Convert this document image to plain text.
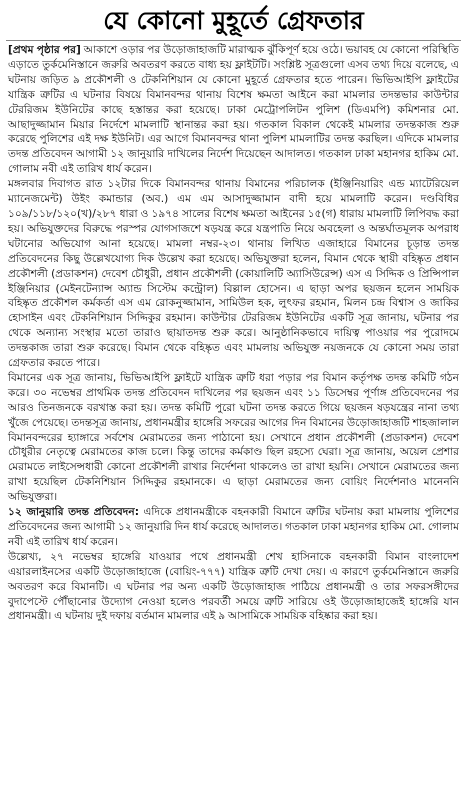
যে কোনো মুহূর্তে গ্রেফতার

[প্রথম পৃষ্ঠার পর] আকাশে ওড়ার পর উড়োজাহাজটি মারাত্মক ঝুঁকিপূর্ণ হয়ে ওঠে। ভয়াবহ যে কোনো পরিস্থিতি এড়াতে তুর্কমেনিস্তানে জরুরি অবতরণ করতে বাধ্য হয় ফ্লাইটটি। সংশ্লিষ্ট সূত্রগুলো এসব তথ্য দিয়ে বলেছে, এ ঘটনায় জড়িত ৯ প্রকৌশলী ও টেকনিশিয়ান যে কোনো মুহূর্তে গ্রেফতার হতে পারেন। ভিভিআইপি ফ্লাইটের যান্ত্রিক ত্রুটির এ ঘটনার বিষয়ে বিমানবন্দর থানায় বিশেষ ক্ষমতা আইনে করা মামলার তদন্তভার কাউন্টার টেররিজম ইউনিটের কাছে হস্তান্তর করা হয়েছে। ঢাকা মেট্রোপলিটন পুলিশ (ডিএমপি) কমিশনার মো. আছাদুজ্জামান মিয়ার নির্দেশে মামলাটি স্থানান্তর করা হয়। গতকাল বিকাল থেকেই মামলার তদন্তকাজ শুরু করেছে পুলিশের এই দক্ষ ইউনিট। এর আগে বিমানবন্দর থানা পুলিশ মামলাটির তদন্ত করছিল। এদিকে মামলার তদন্ত প্রতিবেদন আগামী ১২ জানুয়ারি দাখিলের নির্দেশ দিয়েছেন আদালত। গতকাল ঢাকা মহানগর হাকিম মো. গোলাম নবী এই তারিখ ধার্য করেন।

মঙ্গলবার দিবাগত রাত ১২টার দিকে বিমানবন্দর থানায় বিমানের পরিচালক (ইঞ্জিনিয়ারিং এন্ড ম্যাটেরিয়েল ম্যানেজমেন্ট) উইং কমান্ডার (অব.) এম এম আসাদুজ্জামান বাদী হয়ে মামলাটি করেন। দণ্ডবিধির ১০৯/১১৮/১২০(খ)/২৮৭ ধারা ও ১৯৭৪ সালের বিশেষ ক্ষমতা আইনের ১৫(গ) ধারায় মামলাটি লিপিবদ্ধ করা হয়। অভিযুক্তদের বিরুদ্ধে পরস্পর যোগসাজশে ষড়যন্ত্র করে যন্ত্রপাতি নিয়ে অবহেলা ও অন্তর্ঘাতমূলক অপরাধ ঘটানোর অভিযোগ আনা হয়েছে। মামলা নম্বর-২৩। থানায় লিখিত এজাহারে বিমানের চূড়ান্ত তদন্ত প্রতিবেদনের কিছু উল্লেখযোগ্য দিক উল্লেখ করা হয়েছে। অভিযুক্তরা হলেন, বিমান থেকে স্থায়ী বহিষ্কৃত প্রধান প্রকৌশলী (প্রডাকশন) দেবেশ চৌধুরী, প্রধান প্রকৌশলী (কোয়ালিটি অ্যাসিউরেন্স) এস এ সিদ্দিক ও প্রিন্সিপাল ইঞ্জিনিয়ার (মেইনটেন্যান্স অ্যান্ড সিস্টেম কন্ট্রোল) বিল্লাল হোসেন। এ ছাড়া অপর ছয়জন হলেন সাময়িক বহিষ্কৃত প্রকৌশল কর্মকর্তা এস এম রোকনুজ্জামান, সামিউল হক, লুৎফর রহমান, মিলন চন্দ্র বিশ্বাস ও জাকির হোসাইন এবং টেকনিশিয়ান সিদ্দিকুর রহমান। কাউন্টার টেররিজম ইউনিটের একটি সূত্র জানায়, ঘটনার পর থেকে অন্যান্য সংস্থার মতো তারাও ছায়াতদন্ত শুরু করে। আনুষ্ঠানিকভাবে দায়িত্ব পাওয়ার পর পুরোদমে তদন্তকাজ তারা শুরু করেছে। বিমান থেকে বহিষ্কৃত এবং মামলায় অভিযুক্ত নয়জনকে যে কোনো সময় তারা গ্রেফতার করতে পারে।

বিমানের এক সূত্র জানায়, ভিভিআইপি ফ্লাইটে যান্ত্রিক ত্রুটি ধরা পড়ার পর বিমান কর্তৃপক্ষ তদন্ত কমিটি গঠন করে। ৩০ নভেম্বর প্রাথমিক তদন্ত প্রতিবেদন দাখিলের পর ছয়জন এবং ১১ ডিসেম্বর পূর্ণাঙ্গ প্রতিবেদনের পর আরও তিনজনকে বরখাস্ত করা হয়। তদন্ত কমিটি পুরো ঘটনা তদন্ত করতে গিয়ে ছয়জন ষড়যন্ত্রের নানা তথ্য খুঁজে পেয়েছে। তদন্তসূত্র জানায়, প্রধানমন্ত্রীর হাঙ্গেরি সফরের আগের দিন বিমানের উড়োজাহাজটি শাহজালাল বিমানবন্দরের হ্যাঙ্গারে সর্বশেষ মেরামতের জন্য পাঠানো হয়। সেখানে প্রধান প্রকৌশলী (প্রডাকশন) দেবেশ চৌধুরীর নেতৃত্বে মেরামতের কাজ চলে। কিন্তু তাদের কর্মকাণ্ড ছিল রহস্যে ঘেরা। সূত্র জানায়, অয়েল প্রেশার মেরামতে লাইসেন্সধারী কোনো প্রকৌশলী রাখার নির্দেশনা থাকলেও তা রাখা হয়নি। সেখানে মেরামতের জন্য রাখা হয়েছিল টেকনিশিয়ান সিদ্দিকুর রহমানকে। এ ছাড়া মেরামতের জন্য বোয়িং নির্দেশনাও মানেননি অভিযুক্তরা।

১২ জানুয়ারি তদন্ত প্রতিবেদন: এদিকে প্রধানমন্ত্রীকে বহনকারী বিমানে ত্রুটির ঘটনায় করা মামলায় পুলিশের প্রতিবেদনের জন্য আগামী ১২ জানুয়ারি দিন ধার্য করেছে আদালত। গতকাল ঢাকা মহানগর হাকিম মো. গোলাম নবী এই তারিখ ধার্য করেন।

উল্লেখ্য, ২৭ নভেম্বর হাঙ্গেরি যাওয়ার পথে প্রধানমন্ত্রী শেখ হাসিনাকে বহনকারী বিমান বাংলাদেশ এয়ারলাইনসের একটি উড়োজাহাজে (বোয়িং-৭৭৭) যান্ত্রিক ত্রুটি দেখা দেয়। এ কারণে তুর্কমেনিস্তানে জরুরি অবতরণ করে বিমানটি। এ ঘটনার পর অন্য একটি উড়োজাহাজ পাঠিয়ে প্রধানমন্ত্রী ও তার সফরসঙ্গীদের বুদাপেস্টে পৌঁছানোর উদ্যোগ নেওয়া হলেও পরবর্তী সময়ে ত্রুটি সারিয়ে ওই উড়োজাহাজেই হাঙ্গেরি যান প্রধানমন্ত্রী। এ ঘটনায় দুই দফায় বর্তমান মামলার এই ৯ আসামিকে সাময়িক বহিষ্কার করা হয়।
